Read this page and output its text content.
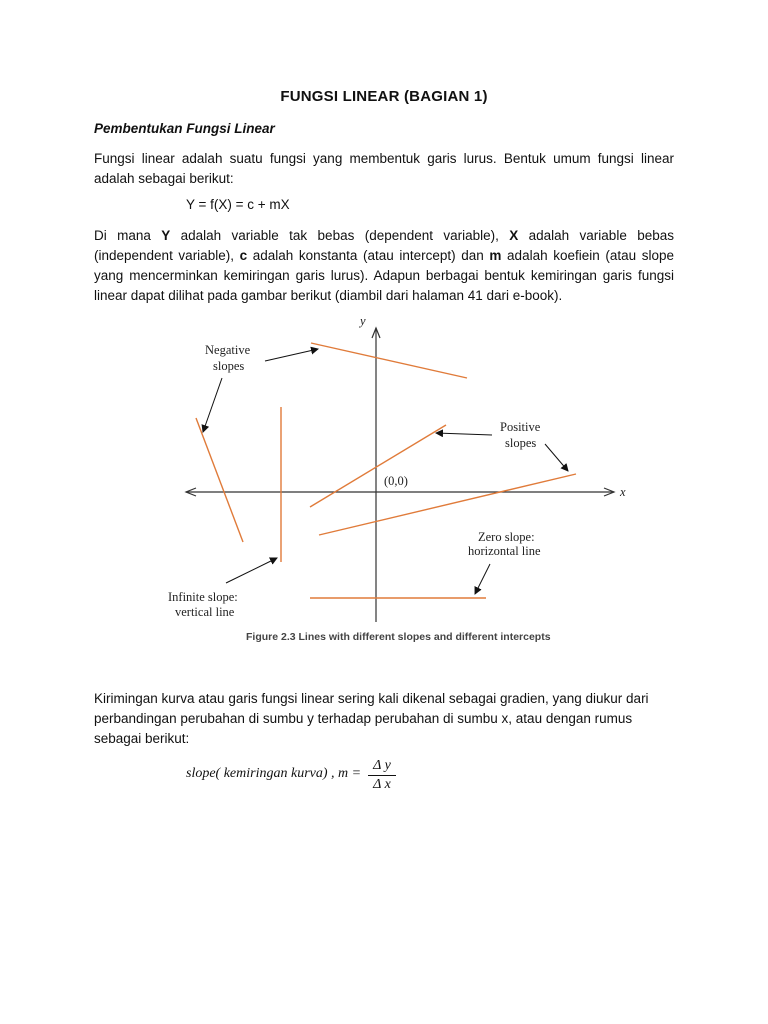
FUNGSI LINEAR (BAGIAN 1)
Pembentukan Fungsi Linear
Fungsi linear adalah suatu fungsi yang membentuk garis lurus. Bentuk umum fungsi linear adalah sebagai berikut:
Y = f(X) = c + mX
Di mana Y adalah variable tak bebas (dependent variable), X adalah variable bebas (independent variable), c adalah konstanta (atau intercept) dan m adalah koefiein (atau slope yang mencerminkan kemiringan garis lurus). Adapun berbagai bentuk kemiringan garis fungsi linear dapat dilihat pada gambar berikut (diambil dari halaman 41 dari e-book).
x
y
(0,0)
Negative
slopes
Positive
slopes
Zero slope:
horizontal line
Infinite slope:
vertical line
Figure 2.3 Lines with different slopes and different intercepts
Kirimingan kurva atau garis fungsi linear sering kali dikenal sebagai gradien, yang diukur dari perbandingan perubahan di sumbu y terhadap perubahan di sumbu x, atau dengan rumus sebagai berikut:
slope( kemiringan kurva) , m =
Δ y
Δ x
